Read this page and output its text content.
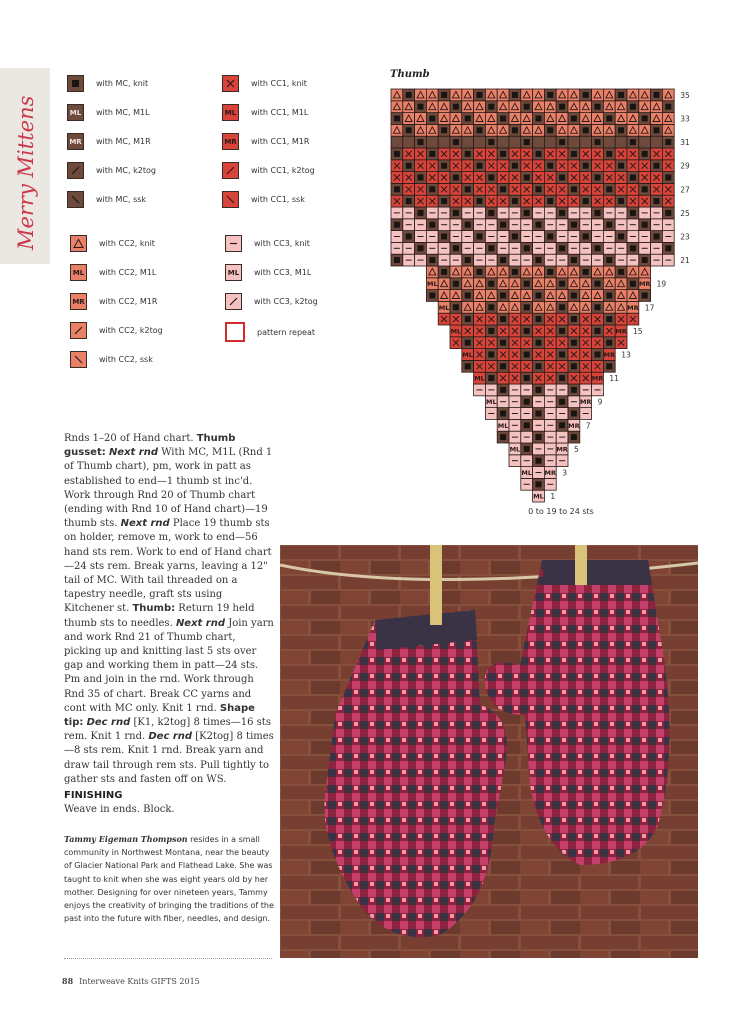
Merry Mittens
with MC, knit
ML with MC, M1L
MR with MC, M1R
with MC, k2tog
with MC, ssk
with CC1, knit
ML with CC1, M1L
MR with CC1, M1R
with CC1, k2tog
with CC1, ssk
with CC2, knit
ML with CC2, M1L
MR with CC2, M1R
with CC2, k2tog
with CC2, ssk
with CC3, knit
ML with CC3, M1L
with CC3, k2tog
pattern repeat
Thumb
ML 1
ML MR 3
ML	MR 5
ML	MR 7
ML	MR 9
ML	MR 11
ML	MR 13
ML	MR 15
ML	MR 17
ML	MR 19
21
23
25
27
29
31
33
35
0 to 19 to 24 sts
Rnds 1–20 of Hand chart. Thumb gusset: Next rnd With MC, M1L (Rnd 1 of Thumb chart), pm, work in patt as established to end—1 thumb st inc'd. Work through Rnd 20 of Thumb chart (ending with Rnd 10 of Hand chart)—19 thumb sts. Next rnd Place 19 thumb sts on holder, remove m, work to end—56 hand sts rem. Work to end of Hand chart—24 sts rem. Break yarns, leaving a 12" tail of MC. With tail threaded on a tapestry needle, graft sts using Kitchener st. Thumb: Return 19 held thumb sts to needles. Next rnd Join yarn and work Rnd 21 of Thumb chart, picking up and knitting last 5 sts over gap and working them in patt—24 sts. Pm and join in the rnd. Work through Rnd 35 of chart. Break CC yarns and cont with MC only. Knit 1 rnd. Shape tip: Dec rnd [K1, k2tog] 8 times—16 sts rem. Knit 1 rnd. Dec rnd [K2tog] 8 times—8 sts rem. Knit 1 rnd. Break yarn and draw tail through rem sts. Pull tightly to gather sts and fasten off on WS.
FINISHING
Weave in ends. Block.
Tammy Eigeman Thompson resides in a small community in Northwest Montana, near the beauty of Glacier National Park and Flathead Lake. She was taught to knit when she was eight years old by her mother. Designing for over nineteen years, Tammy enjoys the creativity of bringing the traditions of the past into the future with fiber, needles, and design.
88 Interweave Knits GIFTS 2015
